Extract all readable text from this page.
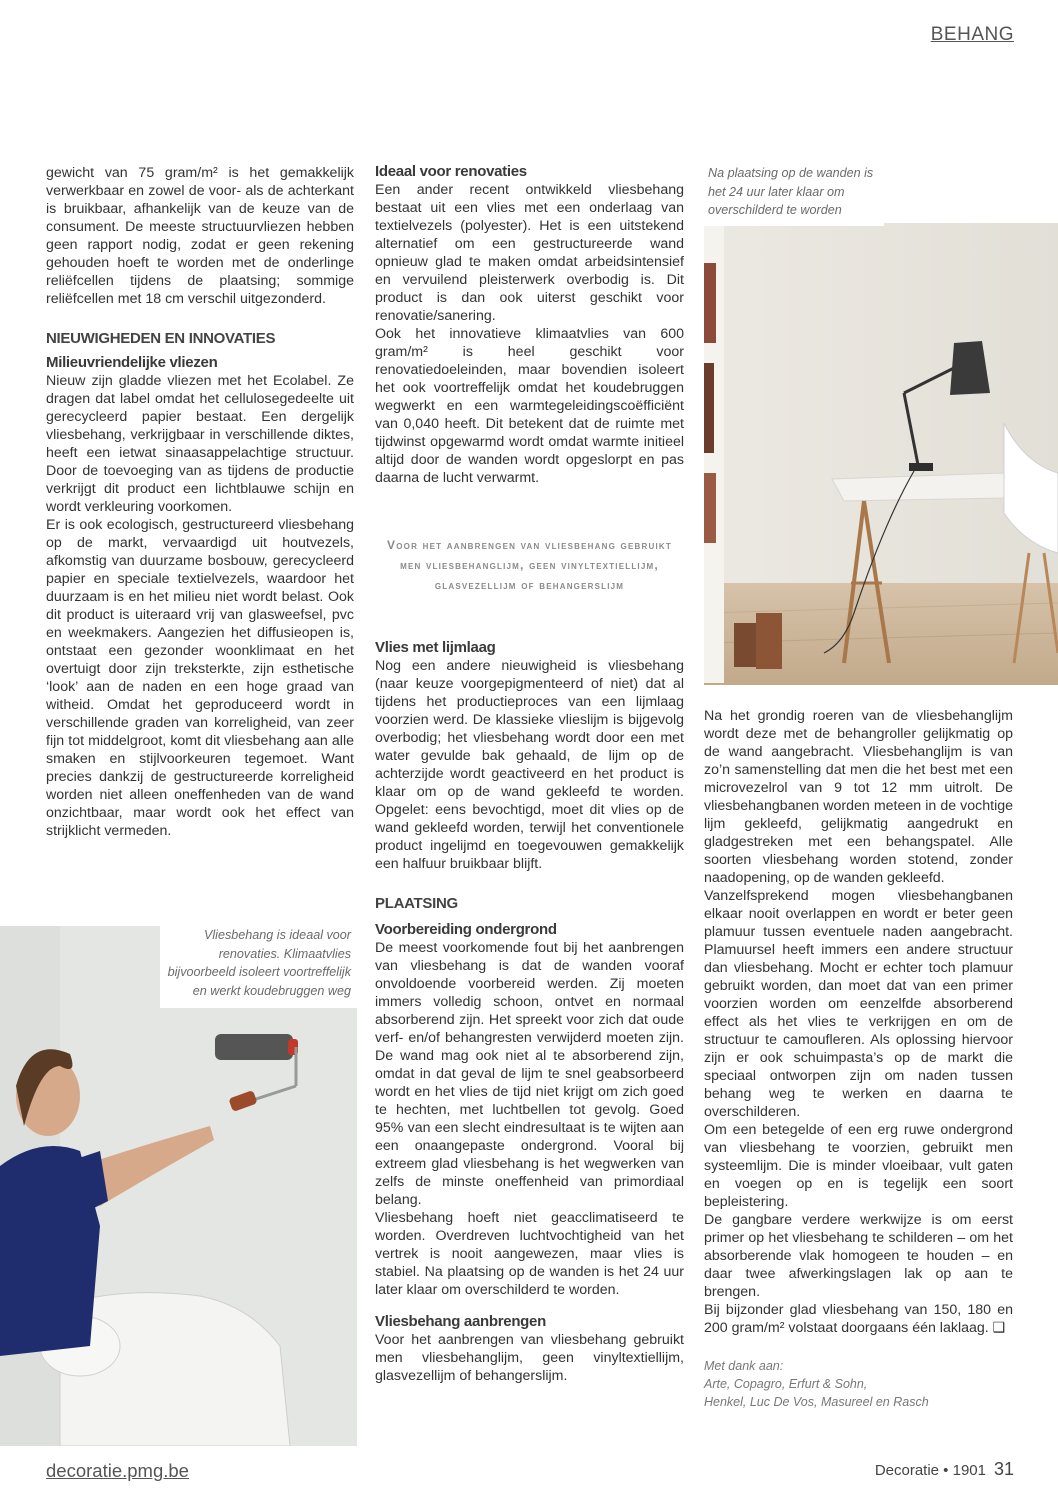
BEHANG

gewicht van 75 gram/m² is het gemakkelijk verwerkbaar en zowel de voor- als de achterkant is bruikbaar, afhankelijk van de keuze van de consument. De meeste structuurvliezen hebben geen rapport nodig, zodat er geen rekening gehouden hoeft te worden met de onderlinge reliëfcellen tijdens de plaatsing; sommige reliëfcellen met 18 cm verschil uitgezonderd.

NIEUWIGHEDEN EN INNOVATIES
Milieuvriendelijke vliezen

Nieuw zijn gladde vliezen met het Ecolabel. Ze dragen dat label omdat het cellulosegedeelte uit gerecycleerd papier bestaat. Een dergelijk vliesbehang, verkrijgbaar in verschillende diktes, heeft een ietwat sinaasappelachtige structuur. Door de toevoeging van as tijdens de productie verkrijgt dit product een lichtblauwe schijn en wordt verkleuring voorkomen.

Er is ook ecologisch, gestructureerd vliesbehang op de markt, vervaardigd uit houtvezels, afkomstig van duurzame bosbouw, gerecycleerd papier en speciale textielvezels, waardoor het duurzaam is en het milieu niet wordt belast. Ook dit product is uiteraard vrij van glasweefsel, pvc en weekmakers. Aangezien het diffusieopen is, ontstaat een gezonder woonklimaat en het overtuigt door zijn treksterkte, zijn esthetische ‘look’ aan de naden en een hoge graad van witheid. Omdat het geproduceerd wordt in verschillende graden van korreligheid, van zeer fijn tot middelgroot, komt dit vliesbehang aan alle smaken en stijlvoorkeuren tegemoet. Want precies dankzij de gestructureerde korreligheid worden niet alleen oneffenheden van de wand onzichtbaar, maar wordt ook het effect van strijklicht vermeden.

Ideaal voor renovaties

Een ander recent ontwikkeld vliesbehang bestaat uit een vlies met een onderlaag van textielvezels (polyester). Het is een uitstekend alternatief om een gestructureerde wand opnieuw glad te maken omdat arbeidsintensief en vervuilend pleisterwerk overbodig is. Dit product is dan ook uiterst geschikt voor renovatie/sanering.

Ook het innovatieve klimaatvlies van 600 gram/m² is heel geschikt voor renovatiedoeleinden, maar bovendien isoleert het ook voortreffelijk omdat het koudebruggen wegwerkt en een warmtegeleidingscoëfficiënt van 0,040 heeft. Dit betekent dat de ruimte met tijdwinst opgewarmd wordt omdat warmte initieel altijd door de wanden wordt opgeslorpt en pas daarna de lucht verwarmt.

Voor het aanbrengen van vliesbehang gebruikt men vliesbehanglijm, geen vinyltextiellijm, glasvezellijm of behangerslijm
Vlies met lijmlaag

Nog een andere nieuwigheid is vliesbehang (naar keuze voorgepigmenteerd of niet) dat al tijdens het productieproces van een lijmlaag voorzien werd. De klassieke vlieslijm is bijgevolg overbodig; het vliesbehang wordt door een met water gevulde bak gehaald, de lijm op de achterzijde wordt geactiveerd en het product is klaar om op de wand gekleefd te worden. Opgelet: eens bevochtigd, moet dit vlies op de wand gekleefd worden, terwijl het conventionele product ingelijmd en toegevouwen gemakkelijk een halfuur bruikbaar blijft.

PLAATSING
Voorbereiding ondergrond

De meest voorkomende fout bij het aanbrengen van vliesbehang is dat de wanden vooraf onvoldoende voorbereid werden. Zij moeten immers volledig schoon, ontvet en normaal absorberend zijn. Het spreekt voor zich dat oude verf- en/of behangresten verwijderd moeten zijn. De wand mag ook niet al te absorberend zijn, omdat in dat geval de lijm te snel geabsorbeerd wordt en het vlies de tijd niet krijgt om zich goed te hechten, met luchtbellen tot gevolg. Goed 95% van een slecht eindresultaat is te wijten aan een onaangepaste ondergrond. Vooral bij extreem glad vliesbehang is het wegwerken van zelfs de minste oneffenheid van primordiaal belang.

Vliesbehang hoeft niet geacclimatiseerd te worden. Overdreven luchtvochtigheid van het vertrek is nooit aangewezen, maar vlies is stabiel. Na plaatsing op de wanden is het 24 uur later klaar om overschilderd te worden.

Vliesbehang aanbrengen

Voor het aanbrengen van vliesbehang gebruikt men vliesbehanglijm, geen vinyltextiellijm, glasvezellijm of behangerslijm.

Na het grondig roeren van de vliesbehanglijm wordt deze met de behangroller gelijkmatig op de wand aangebracht. Vliesbehanglijm is van zo’n samenstelling dat men die het best met een microvezelrol van 9 tot 12 mm uitrolt. De vliesbehangbanen worden meteen in de vochtige lijm gekleefd, gelijkmatig aangedrukt en gladgestreken met een behangspatel. Alle soorten vliesbehang worden stotend, zonder naadopening, op de wanden gekleefd.

Vanzelfsprekend mogen vliesbehangbanen elkaar nooit overlappen en wordt er beter geen plamuur tussen eventuele naden aangebracht. Plamuursel heeft immers een andere structuur dan vliesbehang. Mocht er echter toch plamuur gebruikt worden, dan moet dat van een primer voorzien worden om eenzelfde absorberend effect als het vlies te verkrijgen en om de structuur te camoufleren. Als oplossing hiervoor zijn er ook schuimpasta’s op de markt die speciaal ontworpen zijn om naden tussen behang weg te werken en daarna te overschilderen.

Om een betegelde of een erg ruwe ondergrond van vliesbehang te voorzien, gebruikt men systeemlijm. Die is minder vloeibaar, vult gaten en voegen op en is tegelijk een soort bepleistering.

De gangbare verdere werkwijze is om eerst primer op het vliesbehang te schilderen – om het absorberende vlak homogeen te houden – en daar twee afwerkingslagen lak op aan te brengen.

Bij bijzonder glad vliesbehang van 150, 180 en 200 gram/m² volstaat doorgaans één laklaag. ❑

Met dank aan:
Arte, Copagro, Erfurt & Sohn,
Henkel, Luc De Vos, Masureel en Rasch
Na plaatsing op de wanden is het 24 uur later klaar om overschilderd te worden
Vliesbehang is ideaal voor renovaties. Klimaatvlies bijvoorbeeld isoleert voortreffelijk en werkt koudebruggen weg
decoratie.pmg.be	Decoratie • 1901 31
